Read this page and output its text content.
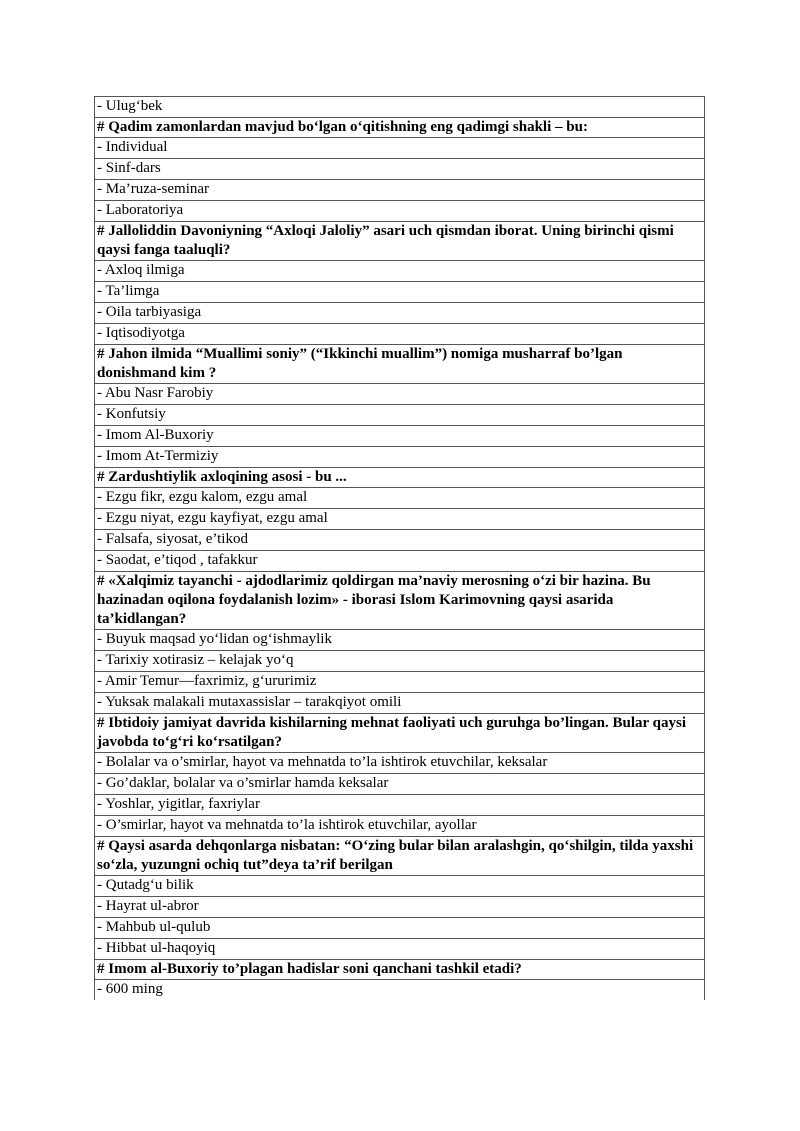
- Ulug‘bek
# Qadim zamonlardan mavjud bo‘lgan o‘qitishning eng qadimgi shakli – bu:
- Individual
- Sinf-dars
- Ma’ruza-seminar
- Laboratoriya
# Jalloliddin Davoniyning “Axloqi Jaloliy” asari uch qismdan iborat. Uning birinchi qismi qaysi fanga taaluqli?
- Axloq ilmiga
- Ta’limga
- Oila tarbiyasiga
- Iqtisodiyotga
# Jahon ilmida “Muallimi soniy” (“Ikkinchi muallim”) nomiga musharraf bo’lgan donishmand kim ?
- Abu Nasr Farobiy
- Konfutsiy
- Imom Al-Buxoriy
- Imom At-Termiziy
# Zardushtiylik axloqining asosi - bu ...
- Ezgu fikr, ezgu kalom, ezgu amal
- Ezgu niyat, ezgu kayfiyat, ezgu amal
- Falsafa, siyosat, e’tikod
- Saodat, e’tiqod , tafakkur
# «Xalqimiz tayanchi - ajdodlarimiz qoldirgan ma’naviy merosning o‘zi bir hazina. Bu hazinadan oqilona foydalanish lozim» - iborasi Islom Karimovning qaysi asarida ta’kidlangan?
- Buyuk maqsad yo‘lidan og‘ishmaylik
- Tarixiy xotirasiz – kelajak yo‘q
- Amir Temur—faxrimiz, g‘ururimiz
- Yuksak malakali mutaxassislar – tarakqiyot omili
# Ibtidoiy jamiyat davrida kishilarning mehnat faoliyati uch guruhga bo’lingan. Bular qaysi javobda to‘g‘ri ko‘rsatilgan?
- Bolalar va o’smirlar, hayot va mehnatda to’la ishtirok etuvchilar, keksalar
- Go’daklar, bolalar va o’smirlar hamda keksalar
- Yoshlar, yigitlar, faxriylar
- O’smirlar, hayot va mehnatda to’la ishtirok etuvchilar, ayollar
# Qaysi asarda dehqonlarga nisbatan: “O‘zing bular bilan aralashgin, qo‘shilgin, tilda yaxshi so‘zla, yuzungni ochiq tut”deya ta’rif berilgan
- Qutadg‘u bilik
- Hayrat ul-abror
- Mahbub ul-qulub
- Hibbat ul-haqoyiq
# Imom al-Buxoriy to’plagan hadislar soni qanchani tashkil etadi?
- 600 ming
